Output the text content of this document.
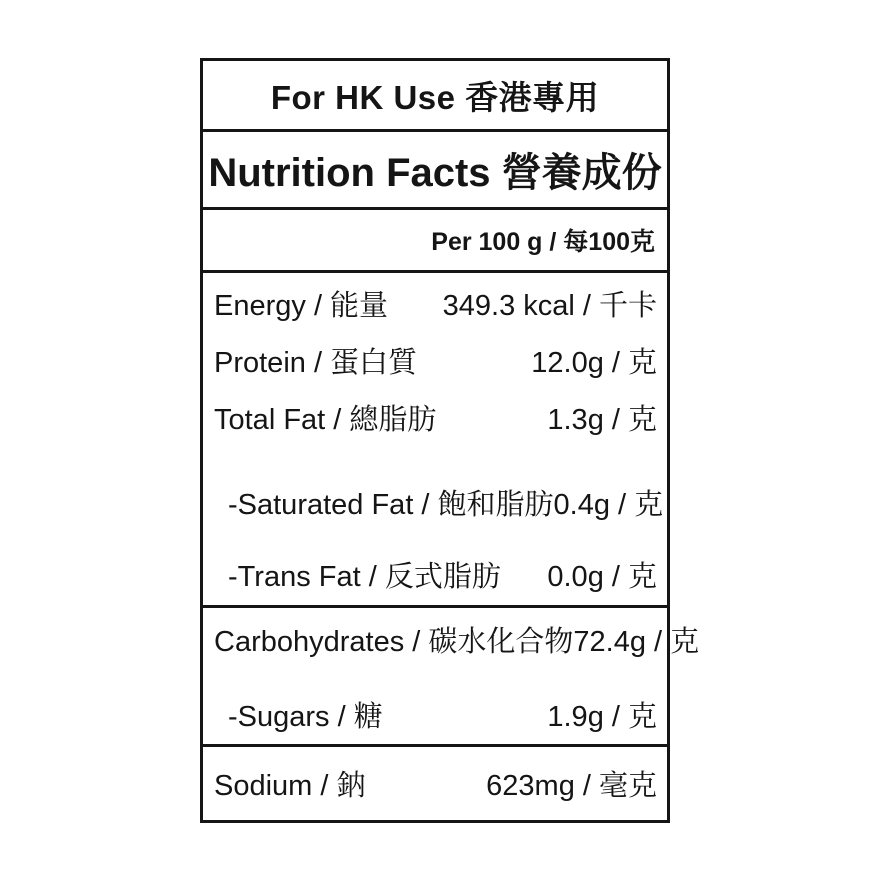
For HK Use 香港專用
Nutrition Facts 營養成份
Per 100 g / 每100克
Energy / 能量 349.3 kcal / 千卡
Protein / 蛋白質	12.0g / 克
Total Fat / 總脂肪	1.3g / 克
-Saturated Fat / 飽和脂肪 0.4g / 克
-Trans Fat / 反式脂肪 0.0g / 克
Carbohydrates / 碳水化合物 72.4g / 克
-Sugars / 糖	1.9g / 克
Sodium / 鈉	623mg / 毫克
